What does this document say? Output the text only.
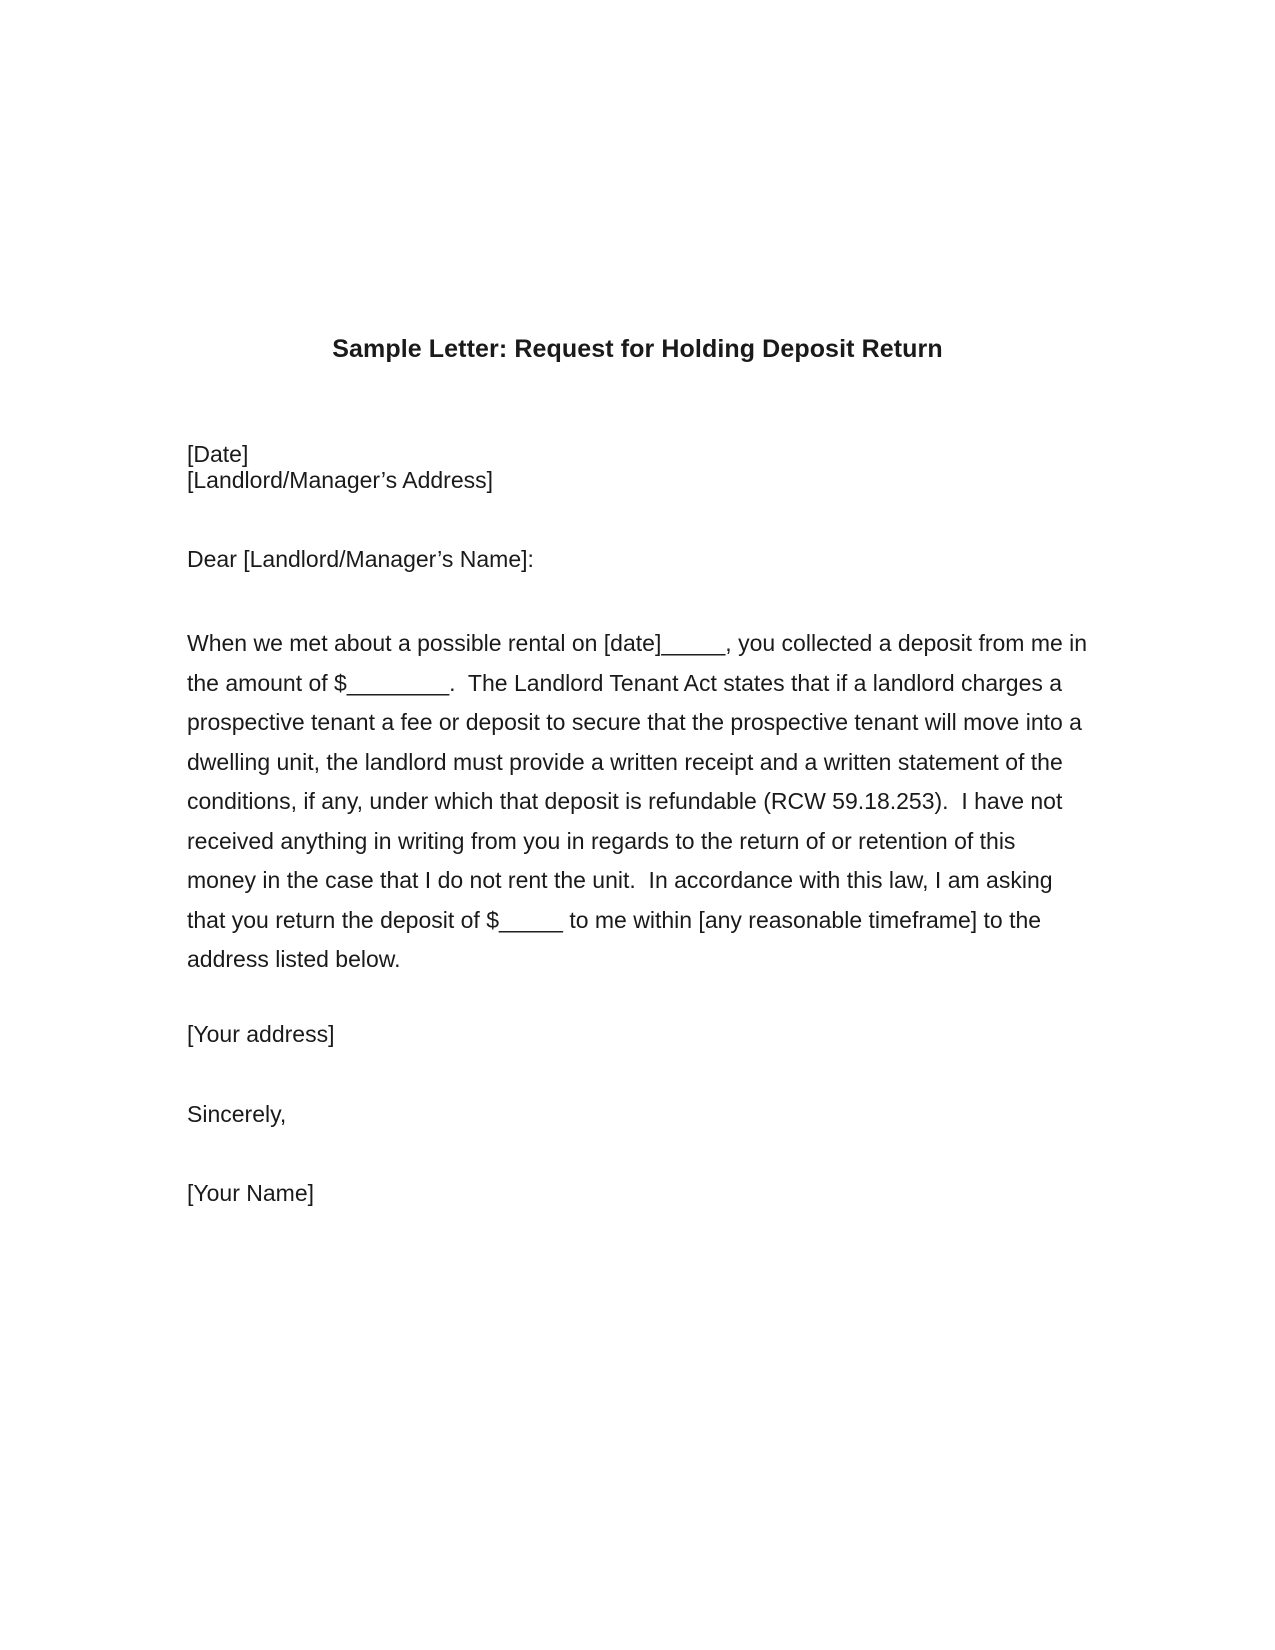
Sample Letter: Request for Holding Deposit Return
[Date]
[Landlord/Manager’s Address]
Dear [Landlord/Manager’s Name]:
When we met about a possible rental on [date]_____, you collected a deposit from me in
the amount of $________.  The Landlord Tenant Act states that if a landlord charges a
prospective tenant a fee or deposit to secure that the prospective tenant will move into a
dwelling unit, the landlord must provide a written receipt and a written statement of the
conditions, if any, under which that deposit is refundable (RCW 59.18.253).  I have not
received anything in writing from you in regards to the return of or retention of this
money in the case that I do not rent the unit.  In accordance with this law, I am asking
that you return the deposit of $_____ to me within [any reasonable timeframe] to the
address listed below.
[Your address]
Sincerely,
[Your Name]
